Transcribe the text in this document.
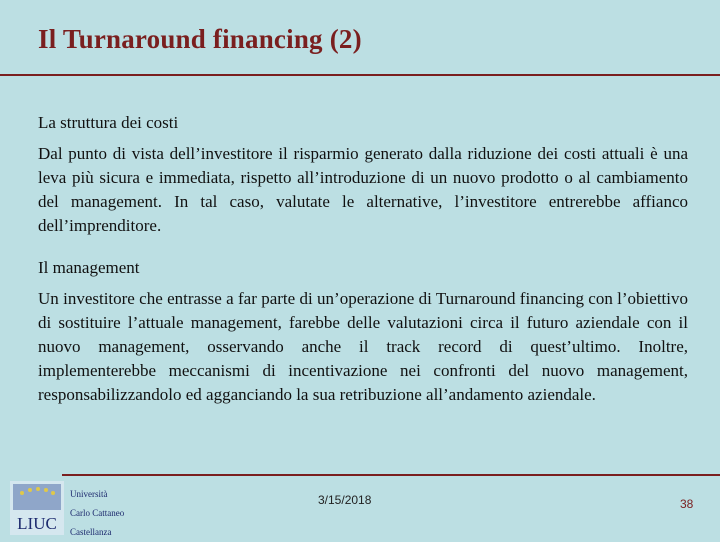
Il Turnaround financing (2)

La struttura dei costi

Dal punto di vista dell’investitore il risparmio generato dalla riduzione dei costi attuali è una leva più sicura e immediata, rispetto all’introduzione di un nuovo prodotto o al cambiamento del management. In tal caso, valutate le alternative, l’investitore entrerebbe affianco dell’imprenditore.

Il management

Un investitore che entrasse a far parte di un’operazione di Turnaround financing con l’obiettivo di sostituire l’attuale management, farebbe delle valutazioni circa il futuro aziendale con il nuovo management, osservando anche il track record di quest’ultimo. Inoltre, implementerebbe meccanismi di incentivazione nei confronti del nuovo management, responsabilizzandolo ed agganciando la sua retribuzione all’andamento aziendale.

LIUC
Università
Carlo Cattaneo
Castellanza
3/15/2018	38
